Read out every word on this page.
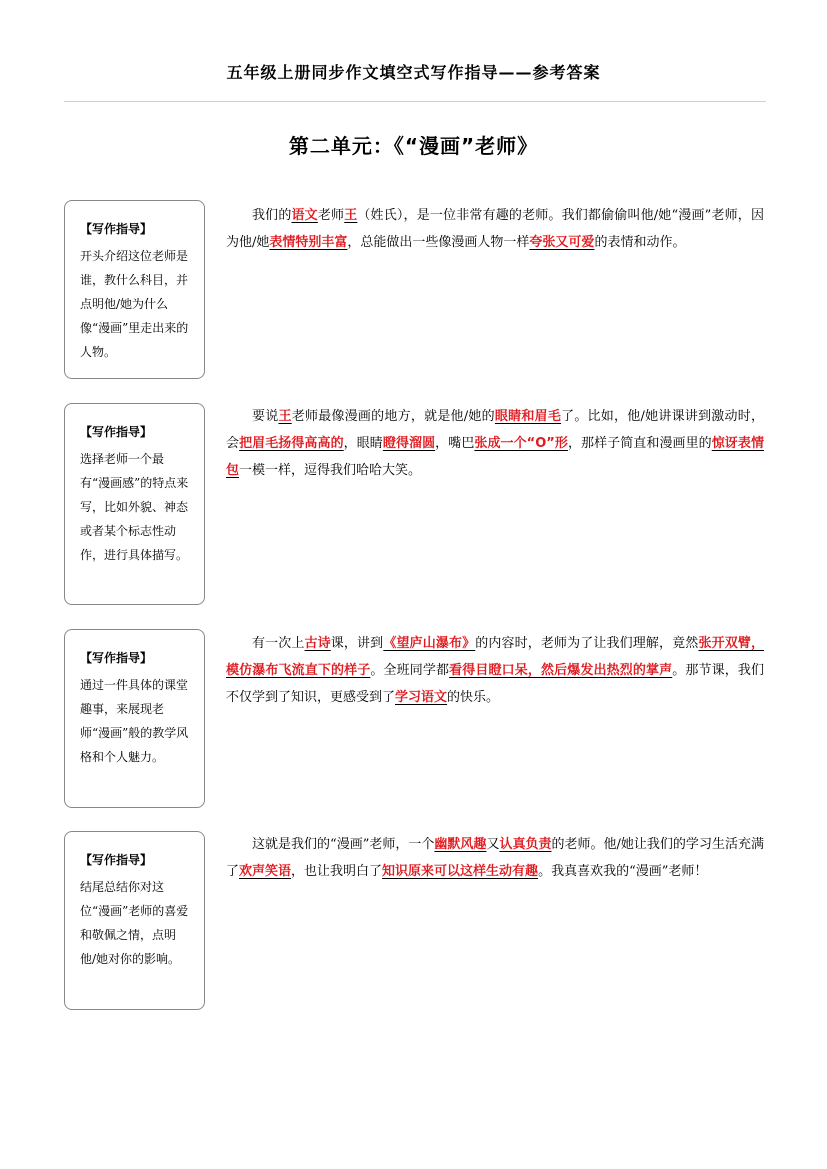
五年级上册同步作文填空式写作指导——参考答案
第二单元：《“漫画”老师》
【写作指导】
开头介绍这位老师是谁，教什么科目，并点明他/她为什么像“漫画”里走出来的人物。
我们的语文老师王（姓氏），是一位非常有趣的老师。我们都偷偷叫他/她“漫画”老师，因为他/她表情特别丰富，总能做出一些像漫画人物一样夸张又可爱的表情和动作。
【写作指导】
选择老师一个最有“漫画感”的特点来写，比如外貌、神态或者某个标志性动作，进行具体描写。
要说王老师最像漫画的地方，就是他/她的眼睛和眉毛了。比如，他/她讲课讲到激动时，会把眉毛扬得高高的，眼睛瞪得溜圆，嘴巴张成一个“O”形，那样子简直和漫画里的惊讶表情包一模一样，逗得我们哈哈大笑。
【写作指导】
通过一件具体的课堂趣事，来展现老师“漫画”般的教学风格和个人魅力。
有一次上古诗课，讲到《望庐山瀑布》的内容时，老师为了让我们理解，竟然张开双臂，模仿瀑布飞流直下的样子。全班同学都看得目瞪口呆，然后爆发出热烈的掌声。那节课，我们不仅学到了知识，更感受到了学习语文的快乐。
【写作指导】
结尾总结你对这位“漫画”老师的喜爱和敬佩之情，点明他/她对你的影响。
这就是我们的“漫画”老师，一个幽默风趣又认真负责的老师。他/她让我们的学习生活充满了欢声笑语，也让我明白了知识原来可以这样生动有趣。我真喜欢我的“漫画”老师！
